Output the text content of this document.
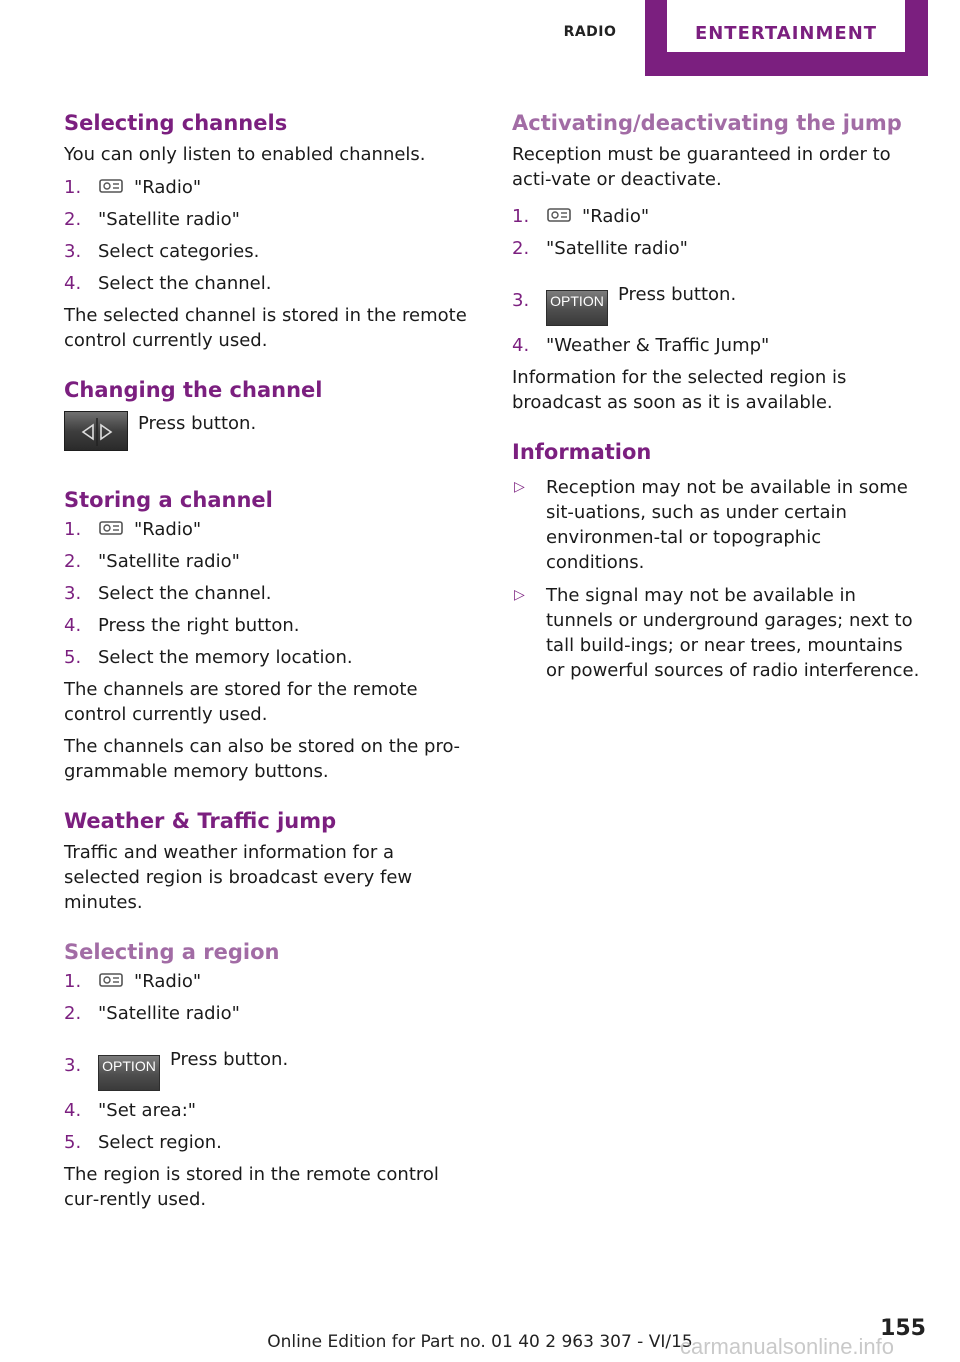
RADIO	ENTERTAINMENT
Selecting channels

You can only listen to enabled channels.

1.	"Radio"
2. "Satellite radio"
3. Select categories.
4. Select the channel.

The selected channel is stored in the remote control currently used.

Changing the channel
Press button.
Storing a channel
1.	"Radio"
2. "Satellite radio"
3. Select the channel.
4. Press the right button.
5. Select the memory location.

The channels are stored for the remote control currently used.

The channels can also be stored on the pro‐grammable memory buttons.

Weather & Traffic jump

Traffic and weather information for a selected region is broadcast every few minutes.

Selecting a region
1.	"Radio"
2. "Satellite radio"
3. OPTION Press button.
4. "Set area:"
5. Select region.

The region is stored in the remote control cur‐rently used.

Activating/deactivating the jump

Reception must be guaranteed in order to acti‐vate or deactivate.

1.	"Radio"
2. "Satellite radio"
3. OPTION Press button.
4. "Weather & Traffic Jump"

Information for the selected region is broadcast as soon as it is available.

Information
▷ Reception may not be available in some sit‐uations, such as under certain environmen‐tal or topographic conditions.
▷ The signal may not be available in tunnels or underground garages; next to tall build‐ings; or near trees, mountains or powerful sources of radio interference.
155
Online Edition for Part no. 01 40 2 963 307 - VI/15
carmanualsonline.info
